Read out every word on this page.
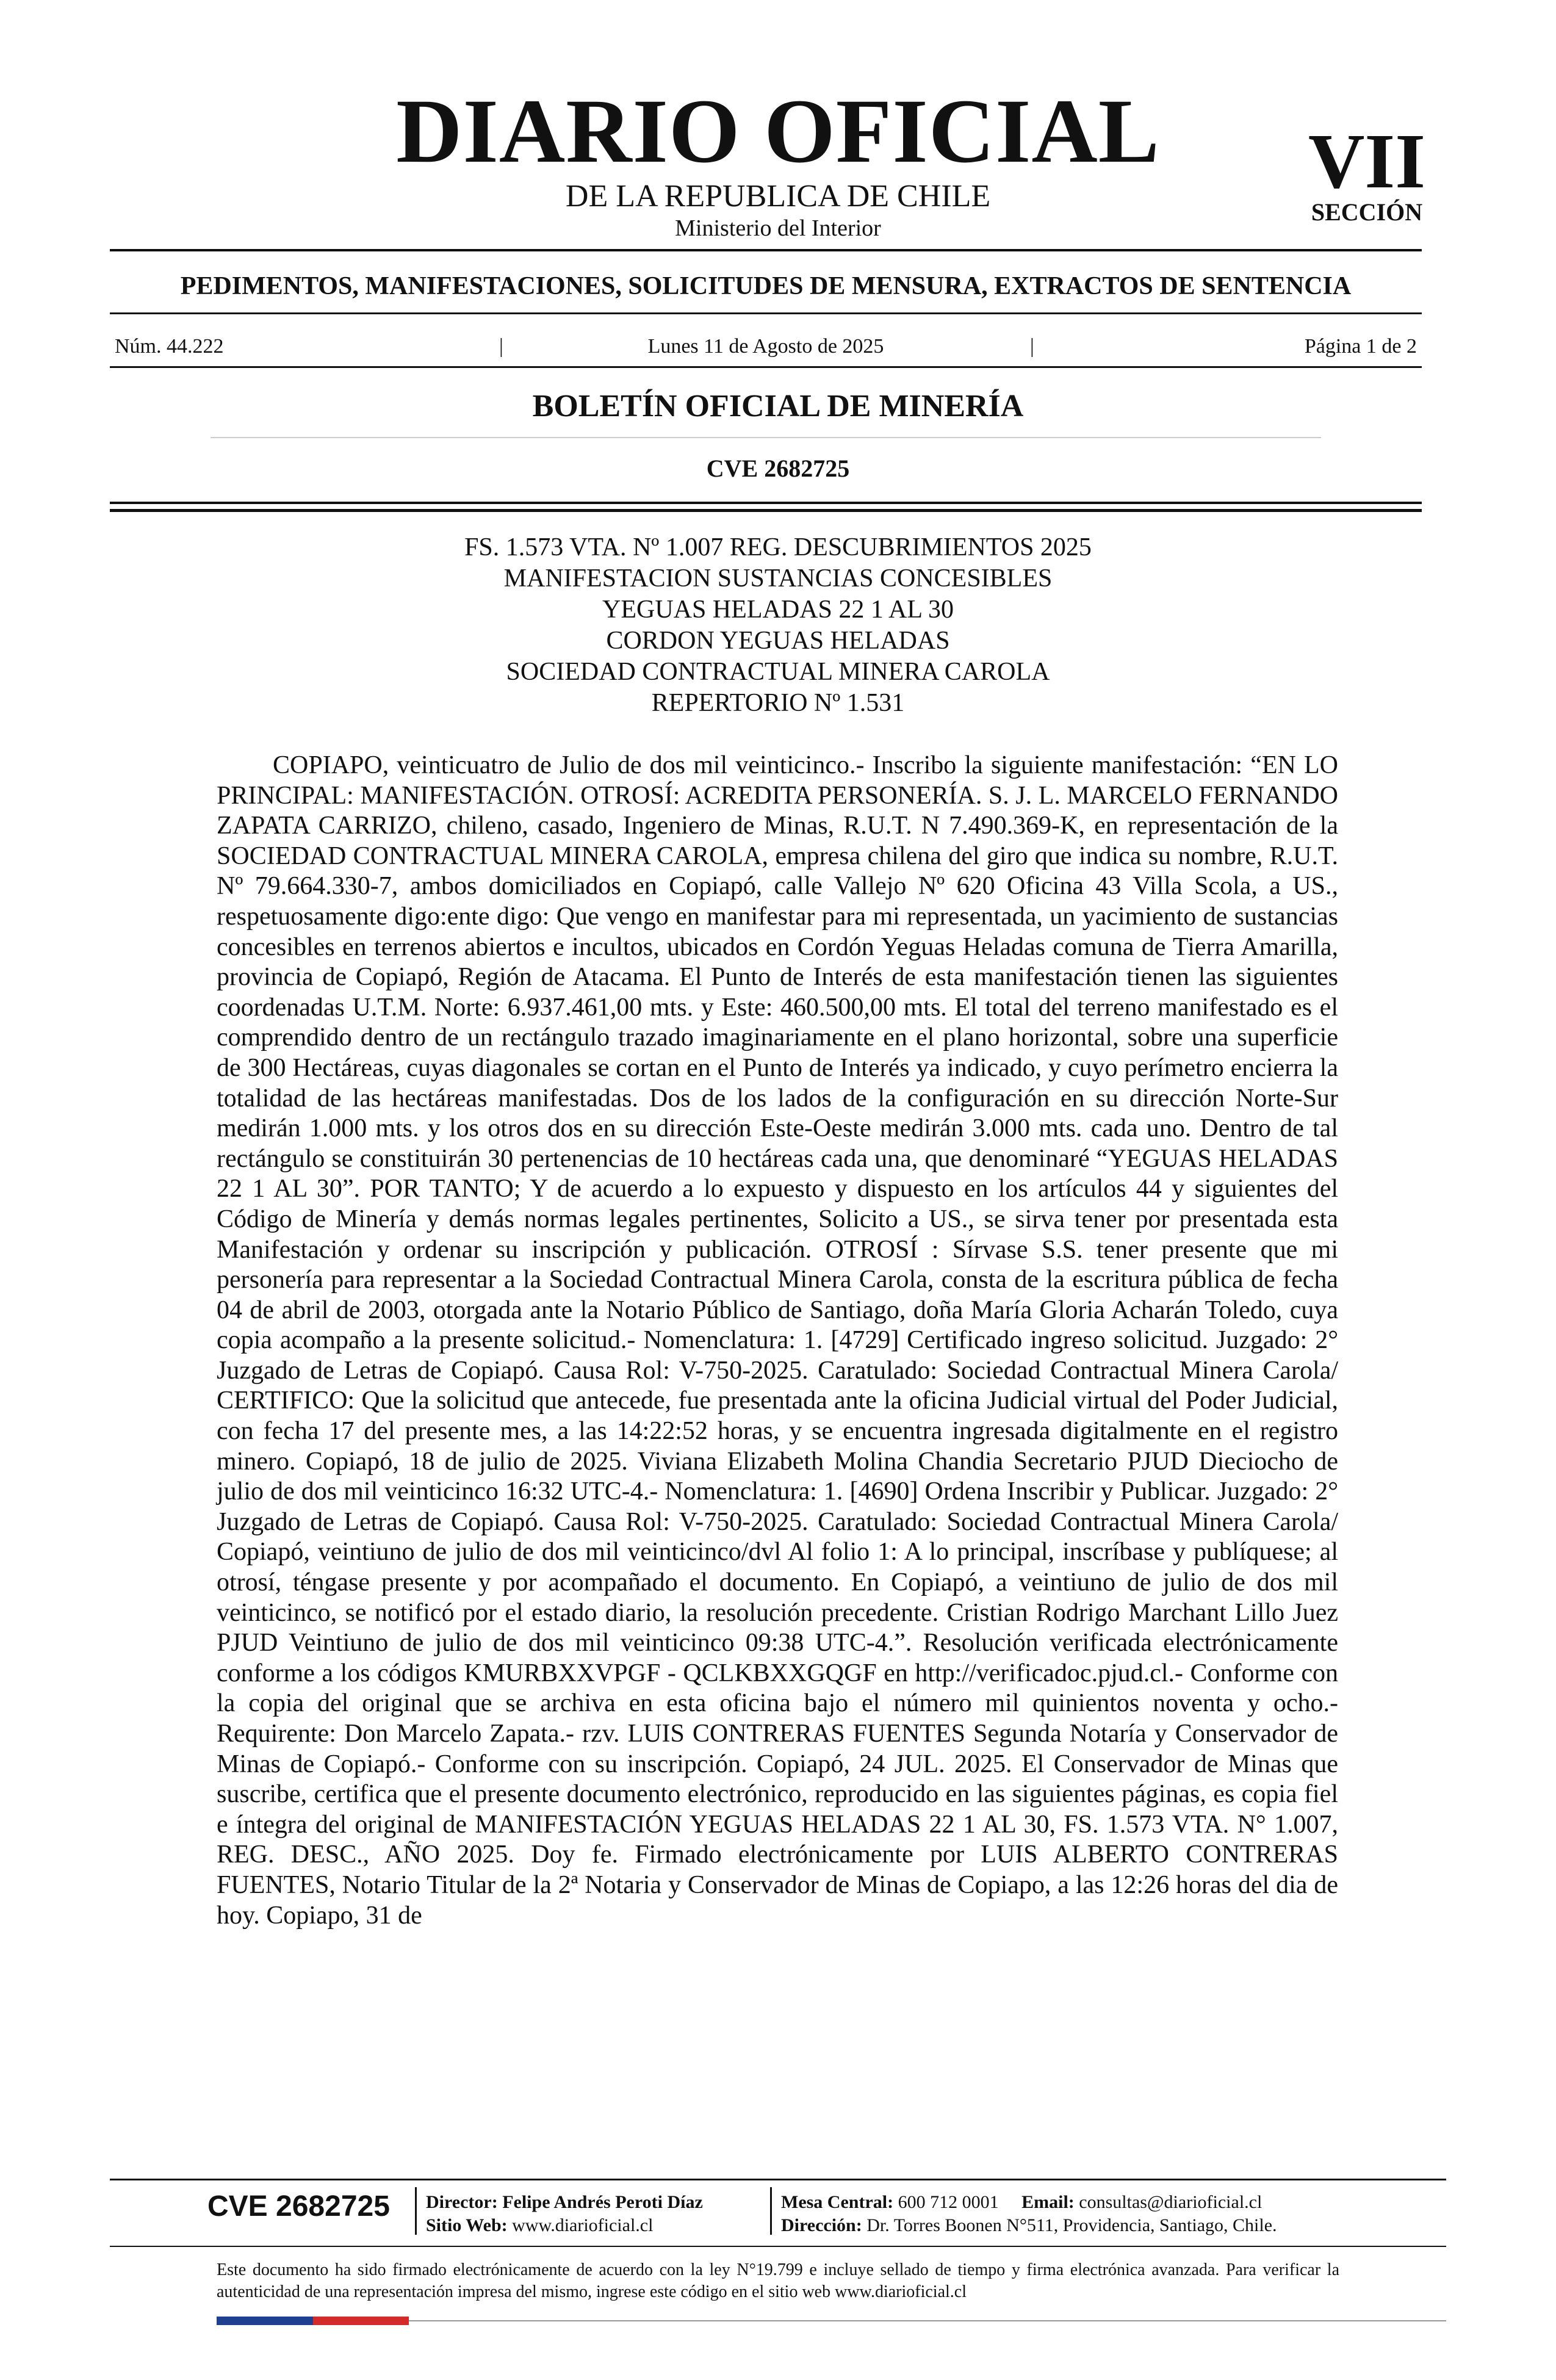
DIARIO OFICIAL
DE LA REPUBLICA DE CHILE
Ministerio del Interior
VII
SECCIÓN
PEDIMENTOS, MANIFESTACIONES, SOLICITUDES DE MENSURA, EXTRACTOS DE SENTENCIA
Núm. 44.222	|	Lunes 11 de Agosto de 2025	|	Página 1 de 2
BOLETÍN OFICIAL DE MINERÍA
CVE 2682725
FS. 1.573 VTA. Nº 1.007 REG. DESCUBRIMIENTOS 2025
MANIFESTACION SUSTANCIAS CONCESIBLES
YEGUAS HELADAS 22 1 AL 30
CORDON YEGUAS HELADAS
SOCIEDAD CONTRACTUAL MINERA CAROLA
REPERTORIO Nº 1.531

COPIAPO, veinticuatro de Julio de dos mil veinticinco.- Inscribo la siguiente manifestación: “EN LO PRINCIPAL: MANIFESTACIÓN. OTROSÍ: ACREDITA PERSONERÍA. S. J. L. MARCELO FERNANDO ZAPATA CARRIZO, chileno, casado, Ingeniero de Minas, R.U.T. N 7.490.369-K, en representación de la SOCIEDAD CONTRACTUAL MINERA CAROLA, empresa chilena del giro que indica su nombre, R.U.T. Nº 79.664.330-7, ambos domiciliados en Copiapó, calle Vallejo Nº 620 Oficina 43 Villa Scola, a US., respetuosamente digo:ente digo: Que vengo en manifestar para mi representada, un yacimiento de sustancias concesibles en terrenos abiertos e incultos, ubicados en Cordón Yeguas Heladas comuna de Tierra Amarilla, provincia de Copiapó, Región de Atacama. El Punto de Interés de esta manifestación tienen las siguientes coordenadas U.T.M. Norte: 6.937.461,00 mts. y Este: 460.500,00 mts. El total del terreno manifestado es el comprendido dentro de un rectángulo trazado imaginariamente en el plano horizontal, sobre una superficie de 300 Hectáreas, cuyas diagonales se cortan en el Punto de Interés ya indicado, y cuyo perímetro encierra la totalidad de las hectáreas manifestadas. Dos de los lados de la configuración en su dirección Norte-Sur medirán 1.000 mts. y los otros dos en su dirección Este-Oeste medirán 3.000 mts. cada uno. Dentro de tal rectángulo se constituirán 30 pertenencias de 10 hectáreas cada una, que denominaré “YEGUAS HELADAS 22 1 AL 30”. POR TANTO; Y de acuerdo a lo expuesto y dispuesto en los artículos 44 y siguientes del Código de Minería y demás normas legales pertinentes, Solicito a US., se sirva tener por presentada esta Manifestación y ordenar su inscripción y publicación. OTROSÍ : Sírvase S.S. tener presente que mi personería para representar a la Sociedad Contractual Minera Carola, consta de la escritura pública de fecha 04 de abril de 2003, otorgada ante la Notario Público de Santiago, doña María Gloria Acharán Toledo, cuya copia acompaño a la presente solicitud.- Nomenclatura: 1. [4729] Certificado ingreso solicitud. Juzgado: 2° Juzgado de Letras de Copiapó. Causa Rol: V-750-2025. Caratulado: Sociedad Contractual Minera Carola/ CERTIFICO: Que la solicitud que antecede, fue presentada ante la oficina Judicial virtual del Poder Judicial, con fecha 17 del presente mes, a las 14:22:52 horas, y se encuentra ingresada digitalmente en el registro minero. Copiapó, 18 de julio de 2025. Viviana Elizabeth Molina Chandia Secretario PJUD Dieciocho de julio de dos mil veinticinco 16:32 UTC-4.- Nomenclatura: 1. [4690] Ordena Inscribir y Publicar. Juzgado: 2° Juzgado de Letras de Copiapó. Causa Rol: V-750-2025. Caratulado: Sociedad Contractual Minera Carola/ Copiapó, veintiuno de julio de dos mil veinticinco/dvl Al folio 1: A lo principal, inscríbase y publíquese; al otrosí, téngase presente y por acompañado el documento. En Copiapó, a veintiuno de julio de dos mil veinticinco, se notificó por el estado diario, la resolución precedente. Cristian Rodrigo Marchant Lillo Juez PJUD Veintiuno de julio de dos mil veinticinco 09:38 UTC-4.”. Resolución verificada electrónicamente conforme a los códigos KMURBXXVPGF - QCLKBXXGQGF en http://verificadoc.pjud.cl.- Conforme con la copia del original que se archiva en esta oficina bajo el número mil quinientos noventa y ocho.- Requirente: Don Marcelo Zapata.- rzv. LUIS CONTRERAS FUENTES Segunda Notaría y Conservador de Minas de Copiapó.- Conforme con su inscripción. Copiapó, 24 JUL. 2025. El Conservador de Minas que suscribe, certifica que el presente documento electrónico, reproducido en las siguientes páginas, es copia fiel e íntegra del original de MANIFESTACIÓN YEGUAS HELADAS 22 1 AL 30, FS. 1.573 VTA. N° 1.007, REG. DESC., AÑO 2025. Doy fe. Firmado electrónicamente por LUIS ALBERTO CONTRERAS FUENTES, Notario Titular de la 2ª Notaria y Conservador de Minas de Copiapo, a las 12:26 horas del dia de hoy. Copiapo, 31 de

CVE 2682725 Director: Felipe Andrés Peroti Díaz
Sitio Web: www.diarioficial.cl
Mesa Central: 600 712 0001 Email: consultas@diarioficial.cl
Dirección: Dr. Torres Boonen N°511, Providencia, Santiago, Chile.
Este documento ha sido firmado electrónicamente de acuerdo con la ley N°19.799 e incluye sellado de tiempo y firma electrónica avanzada. Para verificar la autenticidad de una representación impresa del mismo, ingrese este código en el sitio web www.diarioficial.cl
